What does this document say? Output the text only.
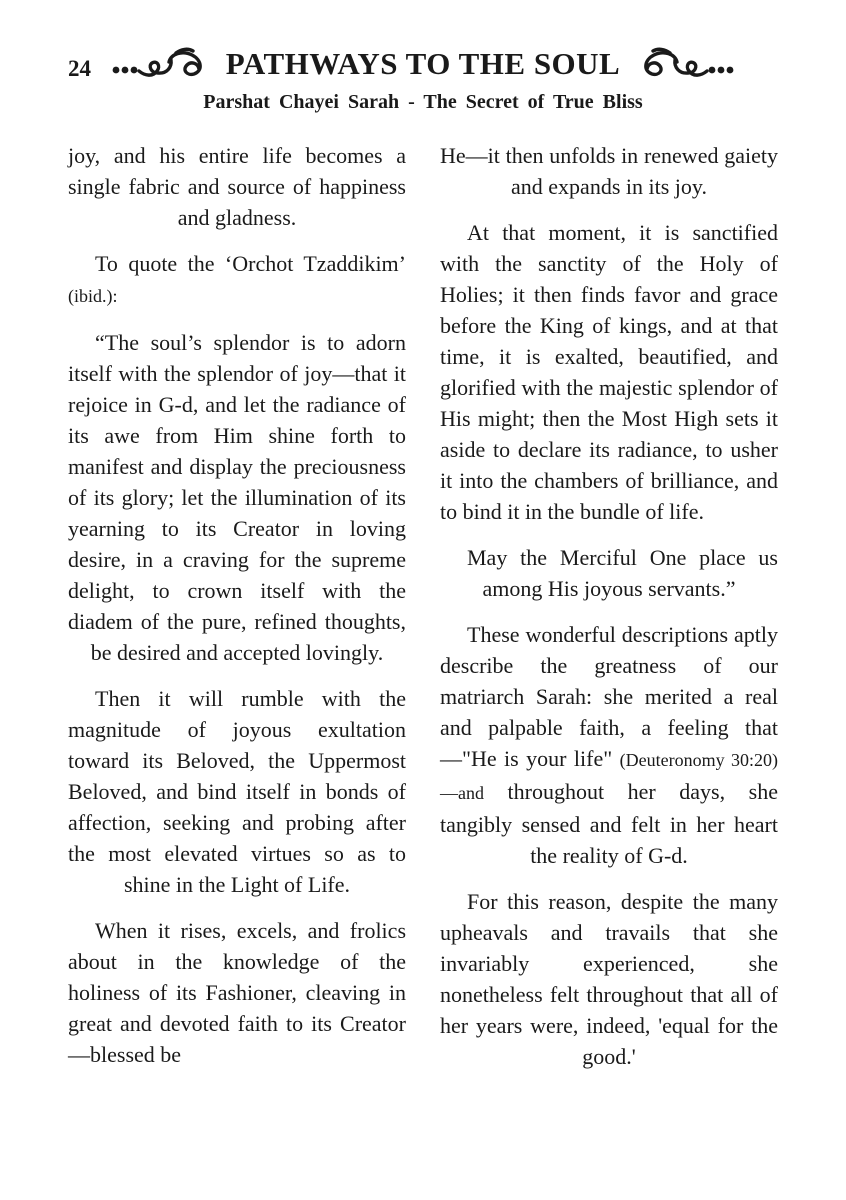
24	PATHWAYS TO THE SOUL
Parshat Chayei Sarah - The Secret of True Bliss

joy, and his entire life becomes a single fabric and source of happiness and gladness.

To quote the ‘Orchot Tzaddikim’ (ibid.):

“The soul’s splendor is to adorn itself with the splendor of joy—that it rejoice in G-d, and let the radiance of its awe from Him shine forth to manifest and display the preciousness of its glory; let the illumination of its yearning to its Creator in loving desire, in a craving for the supreme delight, to crown itself with the diadem of the pure, refined thoughts, be desired and accepted lovingly.

Then it will rumble with the magnitude of joyous exultation toward its Beloved, the Uppermost Beloved, and bind itself in bonds of affection, seeking and probing after the most elevated virtues so as to shine in the Light of Life.

When it rises, excels, and frolics about in the knowledge of the holiness of its Fashioner, cleaving in great and devoted faith to its Creator—blessed be

He—it then unfolds in renewed gaiety and expands in its joy.

At that moment, it is sanctified with the sanctity of the Holy of Holies; it then finds favor and grace before the King of kings, and at that time, it is exalted, beautified, and glorified with the majestic splendor of His might; then the Most High sets it aside to declare its radiance, to usher it into the chambers of brilliance, and to bind it in the bundle of life.

May the Merciful One place us among His joyous servants.”

These wonderful descriptions aptly describe the greatness of our matriarch Sarah: she merited a real and palpable faith, a feeling that—"He is your life" (Deuteronomy 30:20)—and throughout her days, she tangibly sensed and felt in her heart the reality of G-d.

For this reason, despite the many upheavals and travails that she invariably experienced, she nonetheless felt throughout that all of her years were, indeed, 'equal for the good.'
